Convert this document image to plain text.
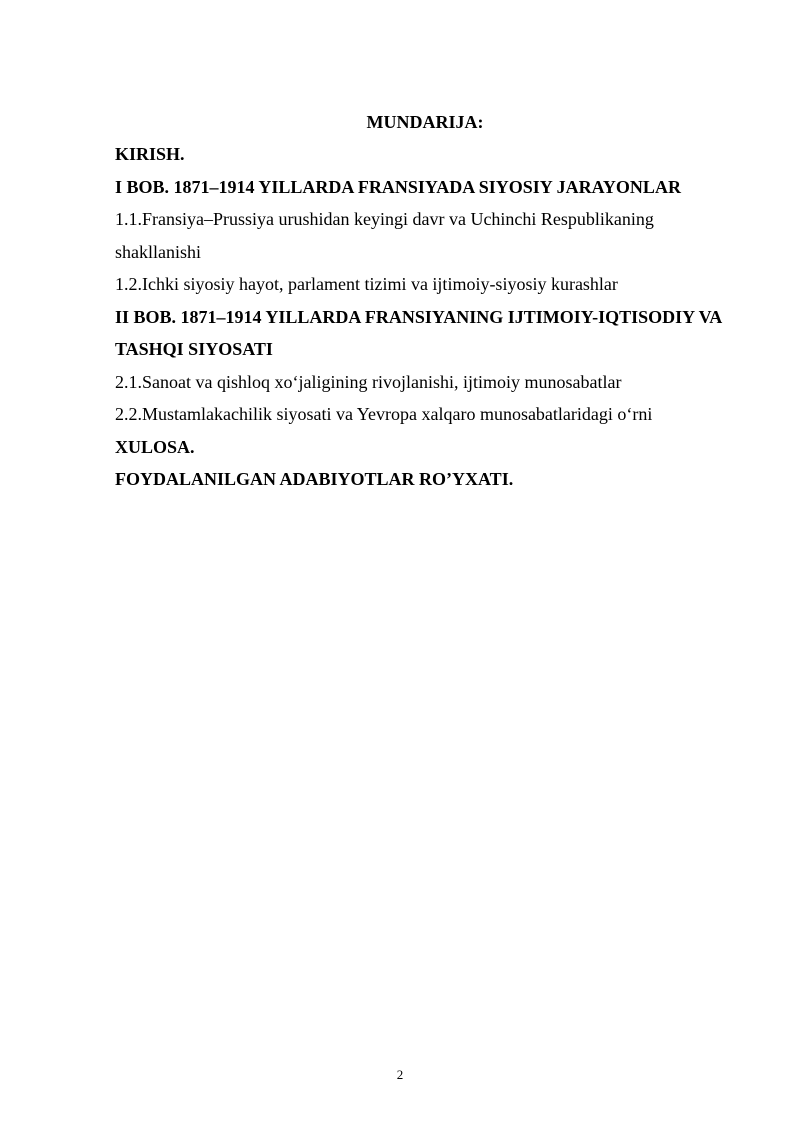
MUNDARIJA:

KIRISH.

I BOB. 1871–1914 YILLARDA FRANSIYADA SIYOSIY JARAYONLAR

1.1.Fransiya–Prussiya urushidan keyingi davr va Uchinchi Respublikaning shakllanishi

1.2.Ichki siyosiy hayot, parlament tizimi va ijtimoiy-siyosiy kurashlar

II BOB. 1871–1914 YILLARDA FRANSIYANING IJTIMOIY-IQTISODIY VA TASHQI SIYOSATI

2.1.Sanoat va qishloq xo‘jaligining rivojlanishi, ijtimoiy munosabatlar

2.2.Mustamlakachilik siyosati va Yevropa xalqaro munosabatlaridagi o‘rni

XULOSA.

FOYDALANILGAN ADABIYOTLAR RO’YXATI.

2
